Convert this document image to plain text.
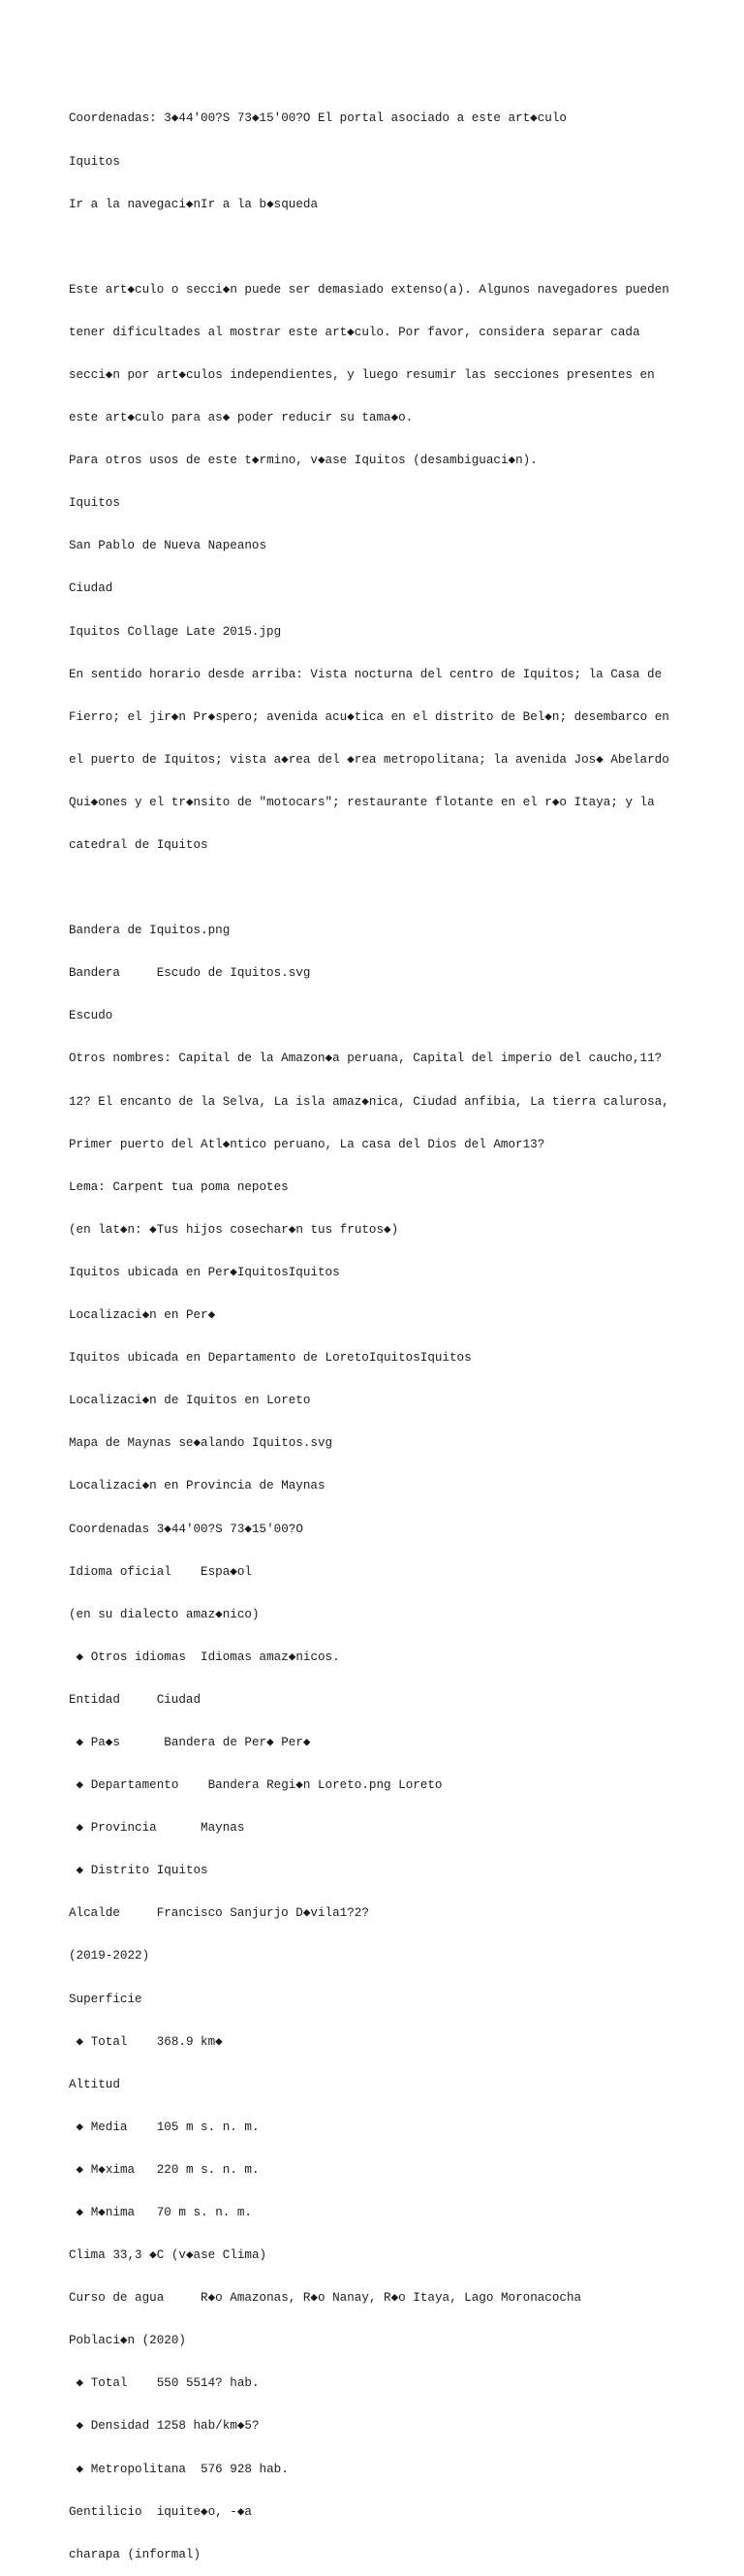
Coordenadas: 3◆44'00?S 73◆15'00?O El portal asociado a este art◆culo

Iquitos

Ir a la navegaci◆nIr a la b◆squeda

Este art◆culo o secci◆n puede ser demasiado extenso(a). Algunos navegadores pueden

tener dificultades al mostrar este art◆culo. Por favor, considera separar cada

secci◆n por art◆culos independientes, y luego resumir las secciones presentes en

este art◆culo para as◆ poder reducir su tama◆o.

Para otros usos de este t◆rmino, v◆ase Iquitos (desambiguaci◆n).

Iquitos

San Pablo de Nueva Napeanos

Ciudad

Iquitos Collage Late 2015.jpg

En sentido horario desde arriba: Vista nocturna del centro de Iquitos; la Casa de

Fierro; el jir◆n Pr◆spero; avenida acu◆tica en el distrito de Bel◆n; desembarco en

el puerto de Iquitos; vista a◆rea del ◆rea metropolitana; la avenida Jos◆ Abelardo

Qui◆ones y el tr◆nsito de "motocars"; restaurante flotante en el r◆o Itaya; y la

catedral de Iquitos

Bandera de Iquitos.png

Bandera     Escudo de Iquitos.svg

Escudo

Otros nombres: Capital de la Amazon◆a peruana, Capital del imperio del caucho,11?

12? El encanto de la Selva, La isla amaz◆nica, Ciudad anfibia, La tierra calurosa,

Primer puerto del Atl◆ntico peruano, La casa del Dios del Amor13?

Lema: Carpent tua poma nepotes

(en lat◆n: ◆Tus hijos cosechar◆n tus frutos◆)

Iquitos ubicada en Per◆IquitosIquitos

Localizaci◆n en Per◆

Iquitos ubicada en Departamento de LoretoIquitosIquitos

Localizaci◆n de Iquitos en Loreto

Mapa de Maynas se◆alando Iquitos.svg

Localizaci◆n en Provincia de Maynas

Coordenadas 3◆44'00?S 73◆15'00?O

Idioma oficial    Espa◆ol

(en su dialecto amaz◆nico)

◆ Otros idiomas  Idiomas amaz◆nicos.

Entidad     Ciudad

◆ Pa◆s      Bandera de Per◆ Per◆

◆ Departamento    Bandera Regi◆n Loreto.png Loreto

◆ Provincia      Maynas

◆ Distrito Iquitos

Alcalde     Francisco Sanjurjo D◆vila1?2?

(2019-2022)

Superficie

◆ Total    368.9 km◆

Altitud

◆ Media    105 m s. n. m.

◆ M◆xima   220 m s. n. m.

◆ M◆nima   70 m s. n. m.

Clima 33,3 ◆C (v◆ase Clima)

Curso de agua     R◆o Amazonas, R◆o Nanay, R◆o Itaya, Lago Moronacocha

Poblaci◆n (2020)

◆ Total    550 5514? hab.

◆ Densidad 1258 hab/km◆5?

◆ Metropolitana  576 928 hab.

Gentilicio  iquite◆o, -◆a

charapa (informal)
